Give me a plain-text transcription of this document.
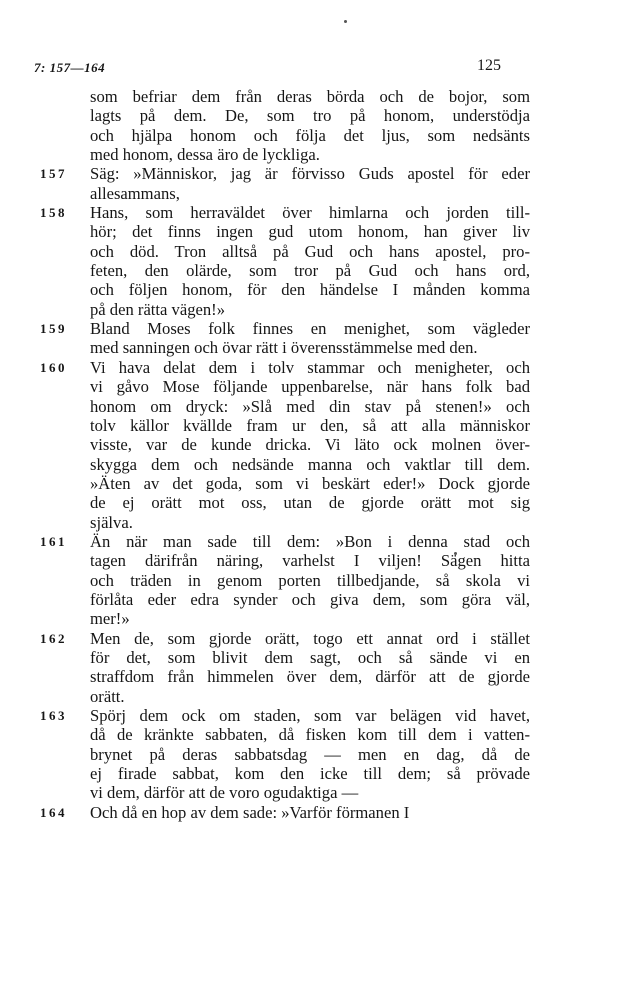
7: 157—164	125
som befriar dem från deras börda och de bojor, som
lagts på dem. De, som tro på honom, understödja
och hjälpa honom och följa det ljus, som nedsänts
med honom, dessa äro de lyckliga.
157	Säg: »Människor, jag är förvisso Guds apostel för eder
allesammans,
158	Hans, som herraväldet över himlarna och jorden till-
hör; det finns ingen gud utom honom, han giver liv
och död. Tron alltså på Gud och hans apostel, pro-
feten, den olärde, som tror på Gud och hans ord,
och följen honom, för den händelse I månden komma
på den rätta vägen!»
159	Bland Moses folk finnes en menighet, som vägleder
med sanningen och övar rätt i överensstämmelse med den.
160	Vi hava delat dem i tolv stammar och menigheter, och
vi gåvo Mose följande uppenbarelse, när hans folk bad
honom om dryck: »Slå med din stav på stenen!» och
tolv källor kvällde fram ur den, så att alla människor
visste, var de kunde dricka. Vi läto ock molnen över-
skygga dem och nedsände manna och vaktlar till dem.
»Äten av det goda, som vi beskärt eder!» Dock gjorde
de ej orätt mot oss, utan de gjorde orätt mot sig
själva.
161	Än när man sade till dem: »Bon i denna stad och
tagen därifrån näring, varhelst I viljen! Sägen hitta
och träden in genom porten tillbedjande, så skola vi
förlåta eder edra synder och giva dem, som göra väl,
mer!»
162	Men de, som gjorde orätt, togo ett annat ord i stället
för det, som blivit dem sagt, och så sände vi en
straffdom från himmelen över dem, därför att de gjorde
orätt.
163	Spörj dem ock om staden, som var belägen vid havet,
då de kränkte sabbaten, då fisken kom till dem i vatten-
brynet på deras sabbatsdag — men en dag, då de
ej firade sabbat, kom den icke till dem; så prövade
vi dem, därför att de voro ogudaktiga —
164	Och då en hop av dem sade: »Varför förmanen I
